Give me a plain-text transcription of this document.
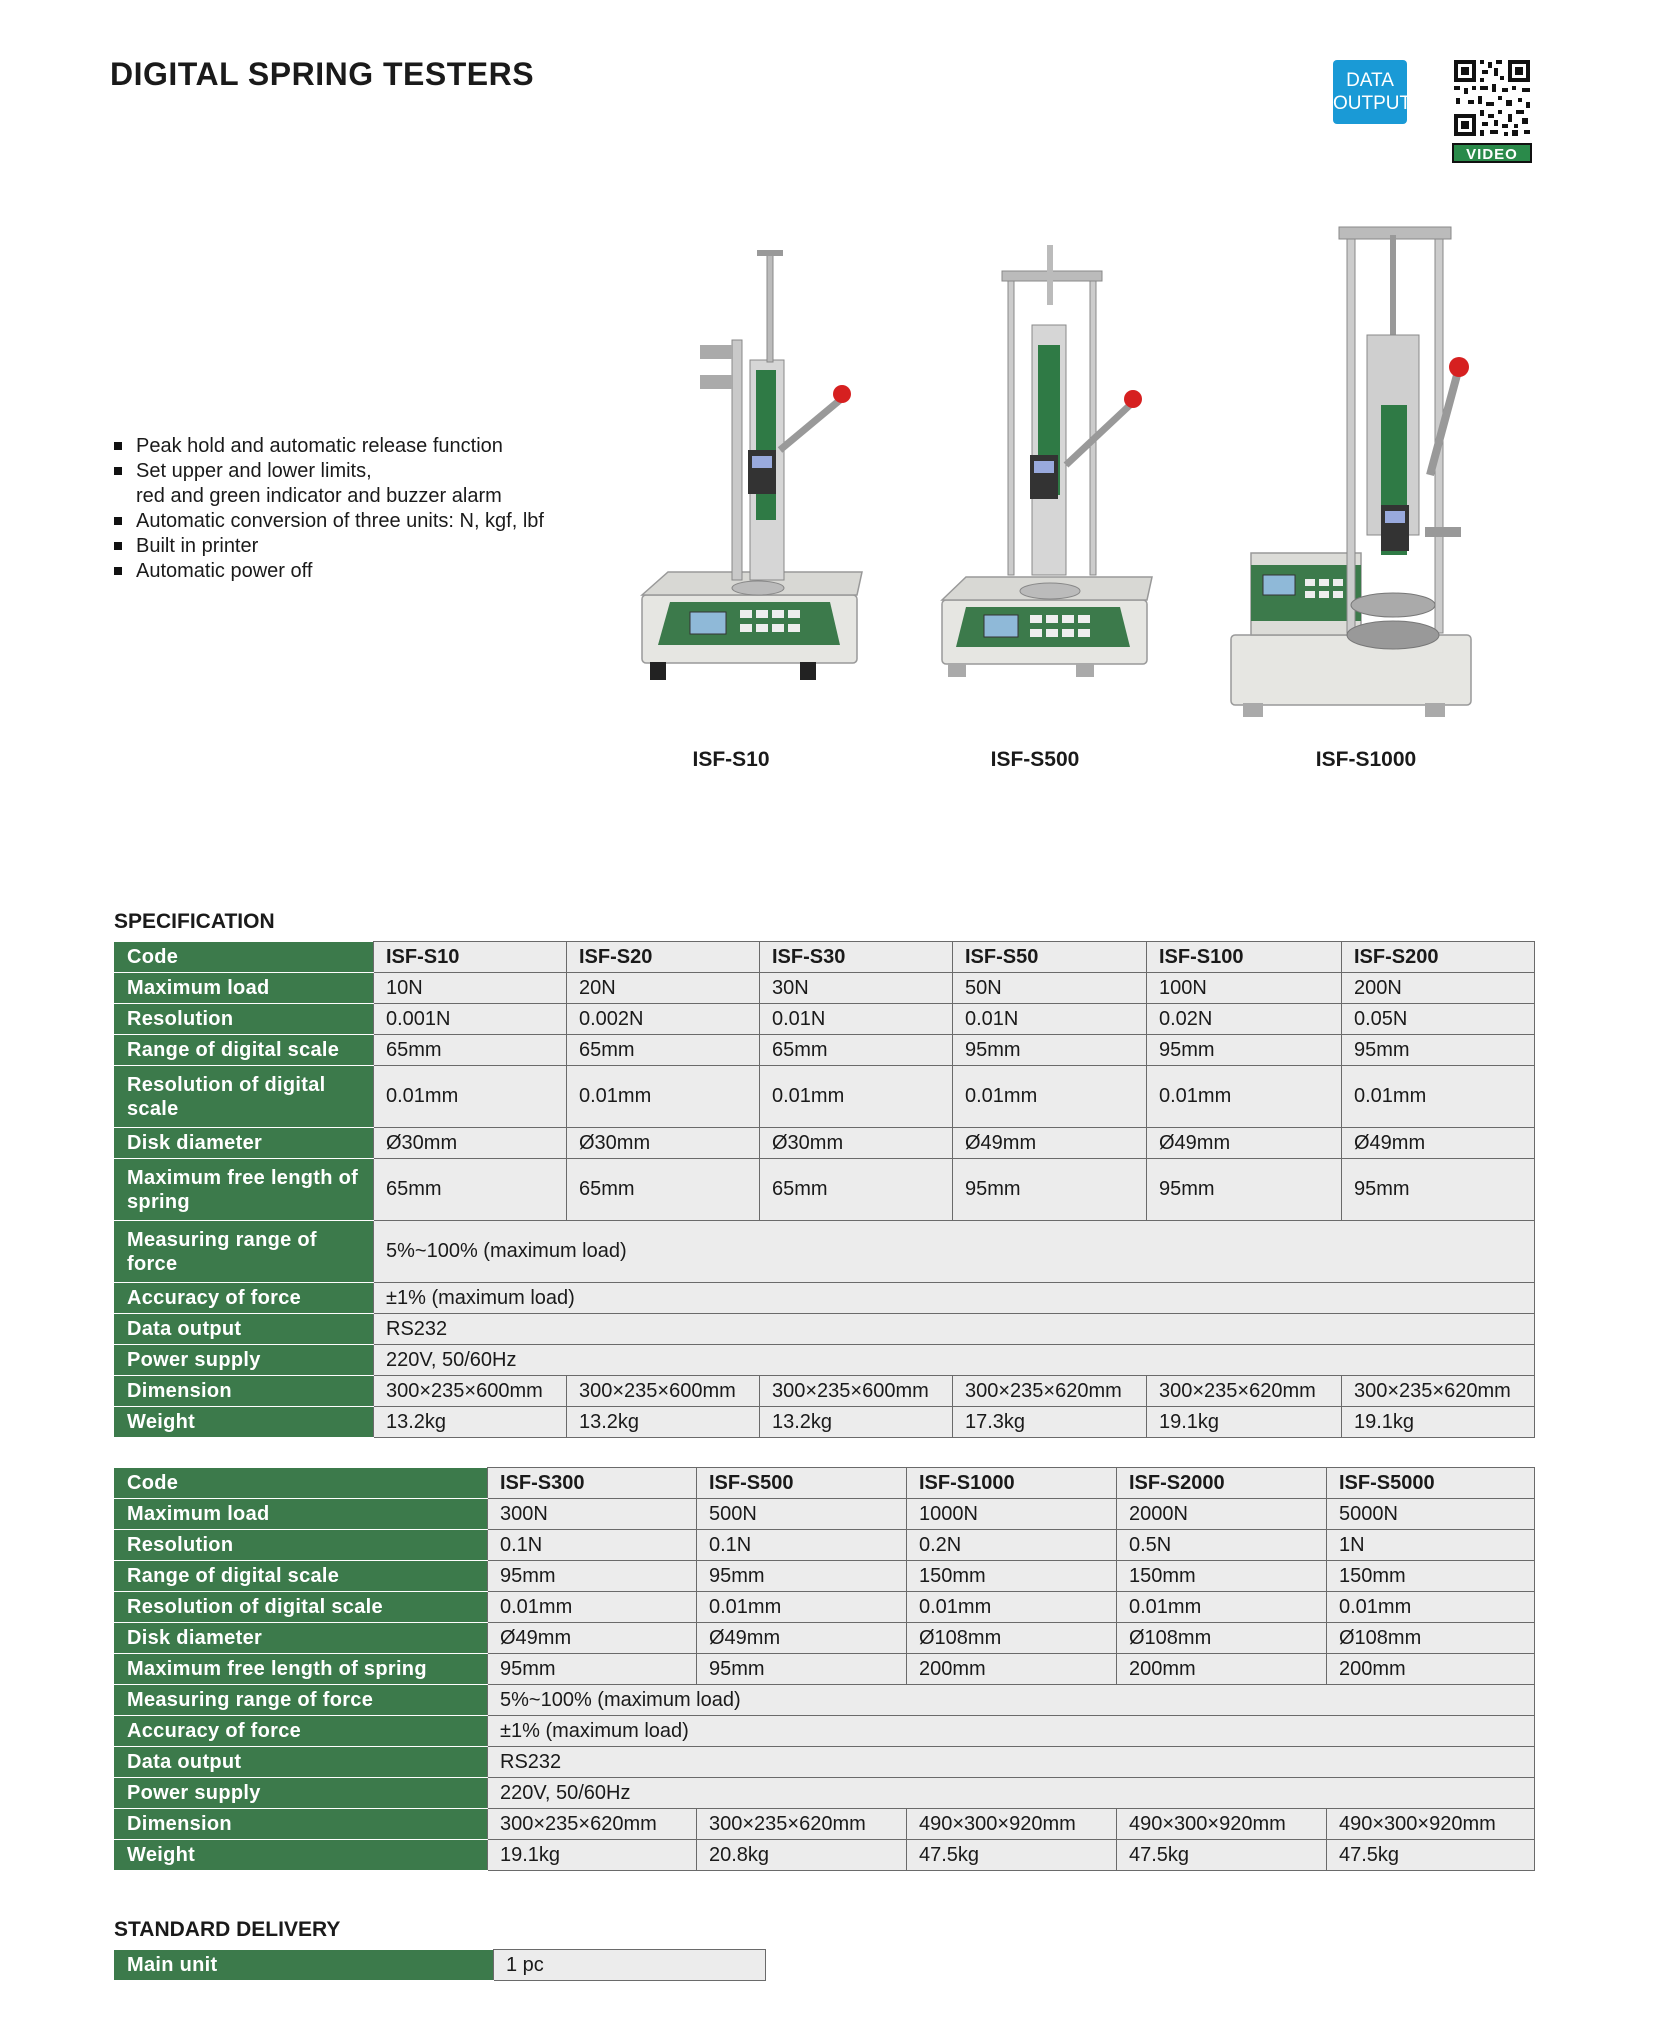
DIGITAL SPRING TESTERS	DATA
OUTPUT
VIDEO
Peak hold and automatic release function
Set upper and lower limits,
red and green indicator and buzzer alarm
Automatic conversion of three units: N, kgf, lbf
Built in printer
Automatic power off
ISF-S10	ISF-S500	ISF-S1000
SPECIFICATION
Code	ISF-S10	ISF-S20	ISF-S30	ISF-S50	ISF-S100	ISF-S200
Maximum load	10N	20N	30N	50N	100N	200N
Resolution	0.001N	0.002N	0.01N	0.01N	0.02N	0.05N
Range of digital scale	65mm	65mm	65mm	95mm	95mm	95mm
Resolution of digital scale	0.01mm	0.01mm	0.01mm	0.01mm	0.01mm	0.01mm
Disk diameter	Ø30mm	Ø30mm	Ø30mm	Ø49mm	Ø49mm	Ø49mm
Maximum free length of spring	65mm	65mm	65mm	95mm	95mm	95mm
Measuring range of force	5%~100% (maximum load)					
Accuracy of force	±1% (maximum load)					
Data output	RS232					
Power supply	220V, 50/60Hz					
Dimension	300×235×600mm	300×235×600mm	300×235×600mm	300×235×620mm	300×235×620mm	300×235×620mm
Weight	13.2kg	13.2kg	13.2kg	17.3kg	19.1kg	19.1kg
Code	ISF-S300	ISF-S500	ISF-S1000	ISF-S2000	ISF-S5000
Maximum load	300N	500N	1000N	2000N	5000N
Resolution	0.1N	0.1N	0.2N	0.5N	1N
Range of digital scale	95mm	95mm	150mm	150mm	150mm
Resolution of digital scale	0.01mm	0.01mm	0.01mm	0.01mm	0.01mm
Disk diameter	Ø49mm	Ø49mm	Ø108mm	Ø108mm	Ø108mm
Maximum free length of spring	95mm	95mm	200mm	200mm	200mm
Measuring range of force	5%~100% (maximum load)				
Accuracy of force	±1% (maximum load)				
Data output	RS232				
Power supply	220V, 50/60Hz				
Dimension	300×235×620mm	300×235×620mm	490×300×920mm	490×300×920mm	490×300×920mm
Weight	19.1kg	20.8kg	47.5kg	47.5kg	47.5kg
STANDARD DELIVERY
Main unit	1 pc
